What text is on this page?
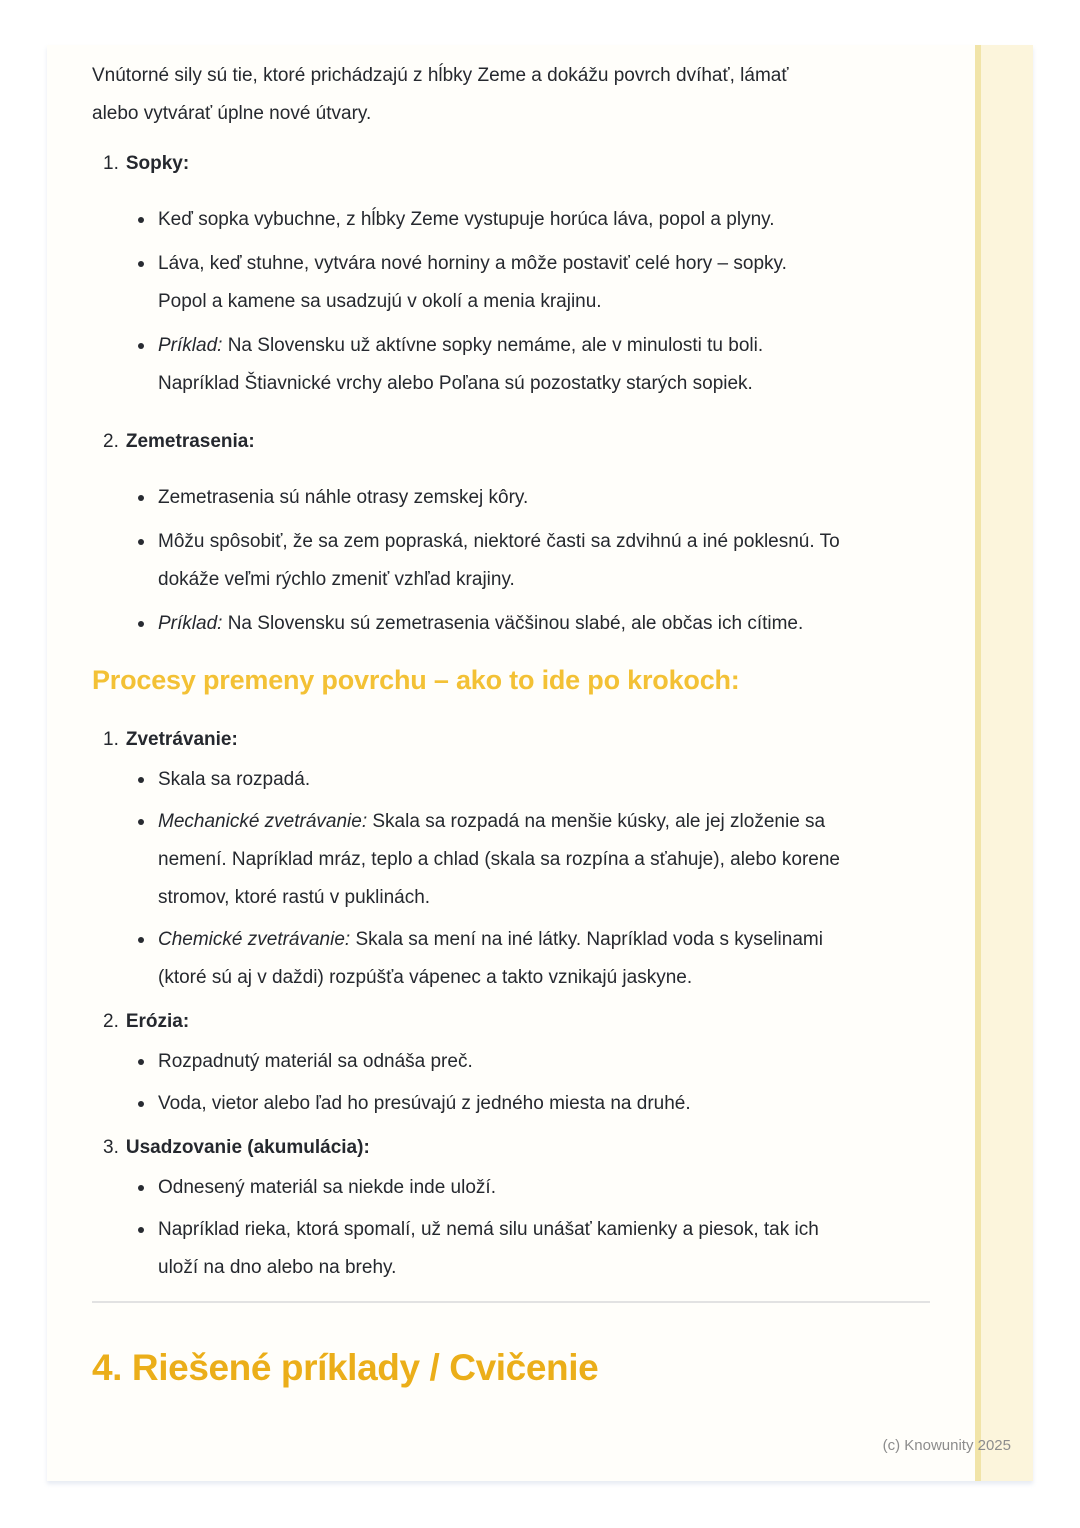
Vnútorné sily sú tie, ktoré prichádzajú z hĺbky Zeme a dokážu povrch dvíhať, lámať alebo vytvárať úplne nové útvary.

1. Sopky:
Keď sopka vybuchne, z hĺbky Zeme vystupuje horúca láva, popol a plyny.
Láva, keď stuhne, vytvára nové horniny a môže postaviť celé hory – sopky. Popol a kamene sa usadzujú v okolí a menia krajinu.
Príklad: Na Slovensku už aktívne sopky nemáme, ale v minulosti tu boli. Napríklad Štiavnické vrchy alebo Poľana sú pozostatky starých sopiek.
2. Zemetrasenia:
Zemetrasenia sú náhle otrasy zemskej kôry.
Môžu spôsobiť, že sa zem popraská, niektoré časti sa zdvihnú a iné poklesnú. To dokáže veľmi rýchlo zmeniť vzhľad krajiny.
Príklad: Na Slovensku sú zemetrasenia väčšinou slabé, ale občas ich cítime.
Procesy premeny povrchu – ako to ide po krokoch:
1. Zvetrávanie:
Skala sa rozpadá.
Mechanické zvetrávanie: Skala sa rozpadá na menšie kúsky, ale jej zloženie sa nemení. Napríklad mráz, teplo a chlad (skala sa rozpína a sťahuje), alebo korene stromov, ktoré rastú v puklinách.
Chemické zvetrávanie: Skala sa mení na iné látky. Napríklad voda s kyselinami (ktoré sú aj v daždi) rozpúšťa vápenec a takto vznikajú jaskyne.
2. Erózia:
Rozpadnutý materiál sa odnáša preč.
Voda, vietor alebo ľad ho presúvajú z jedného miesta na druhé.
3. Usadzovanie (akumulácia):
Odnesený materiál sa niekde inde uloží.
Napríklad rieka, ktorá spomalí, už nemá silu unášať kamienky a piesok, tak ich uloží na dno alebo na brehy.
4. Riešené príklady / Cvičenie
(c) Knowunity 2025
